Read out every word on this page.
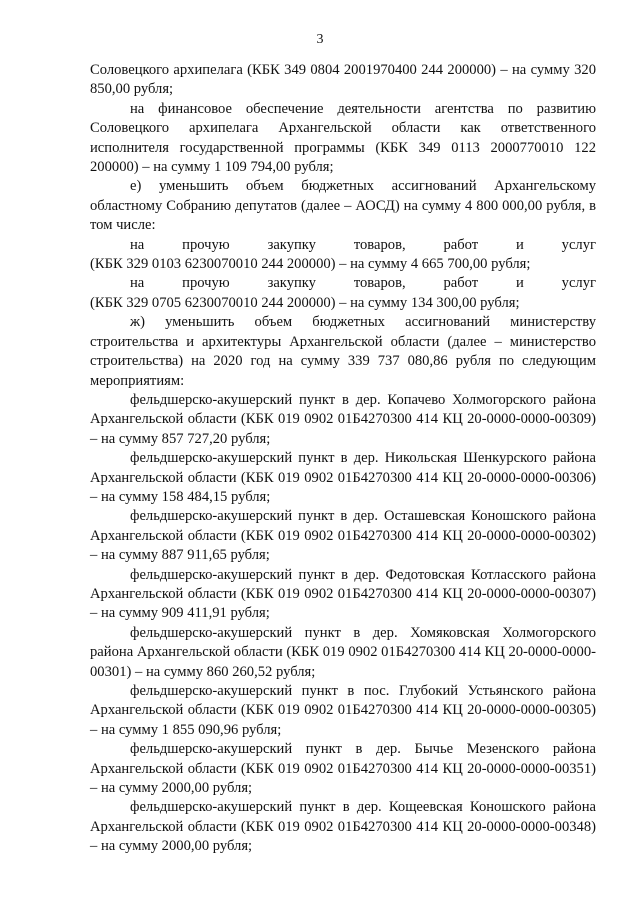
3

Соловецкого архипелага (КБК 349 0804 2001970400 244 200000) – на сумму 320 850,00 рубля;

на финансовое обеспечение деятельности агентства по развитию Соловецкого архипелага Архангельской области как ответственного исполнителя государственной программы (КБК 349 0113 2000770010 122 200000) – на сумму 1 109 794,00 рубля;

е) уменьшить объем бюджетных ассигнований Архангельскому областному Собранию депутатов (далее – АОСД) на сумму 4 800 000,00 рубля, в том числе:

на	прочую	закупку	товаров,	работ	и	услуг

(КБК 329 0103 6230070010 244 200000) – на сумму 4 665 700,00 рубля;

на	прочую	закупку	товаров,	работ	и	услуг

(КБК 329 0705 6230070010 244 200000) – на сумму 134 300,00 рубля;

ж) уменьшить объем бюджетных ассигнований министерству строительства и архитектуры Архангельской области (далее – министерство строительства) на 2020 год на сумму 339 737 080,86 рубля по следующим мероприятиям:

фельдшерско-акушерский пункт в дер. Копачево Холмогорского района Архангельской области (КБК 019 0902 01Б4270300 414 КЦ 20-0000-0000-00309) – на сумму 857 727,20 рубля;

фельдшерско-акушерский пункт в дер. Никольская Шенкурского района Архангельской области (КБК 019 0902 01Б4270300 414 КЦ 20-0000-0000-00306) – на сумму 158 484,15 рубля;

фельдшерско-акушерский пункт в дер. Осташевская Коношского района Архангельской области (КБК 019 0902 01Б4270300 414 КЦ 20-0000-0000-00302) – на сумму 887 911,65 рубля;

фельдшерско-акушерский пункт в дер. Федотовская Котласского района Архангельской области (КБК 019 0902 01Б4270300 414 КЦ 20-0000-0000-00307) – на сумму 909 411,91 рубля;

фельдшерско-акушерский пункт в дер. Хомяковская Холмогорского района Архангельской области (КБК 019 0902 01Б4270300 414 КЦ 20-0000-0000-00301) – на сумму 860 260,52 рубля;

фельдшерско-акушерский пункт в пос. Глубокий Устьянского района Архангельской области (КБК 019 0902 01Б4270300 414 КЦ 20-0000-0000-00305) – на сумму 1 855 090,96 рубля;

фельдшерско-акушерский пункт в дер. Бычье Мезенского района Архангельской области (КБК 019 0902 01Б4270300 414 КЦ 20-0000-0000-00351) – на сумму 2000,00 рубля;

фельдшерско-акушерский пункт в дер. Кощеевская Коношского района Архангельской области (КБК 019 0902 01Б4270300 414 КЦ 20-0000-0000-00348) – на сумму 2000,00 рубля;
